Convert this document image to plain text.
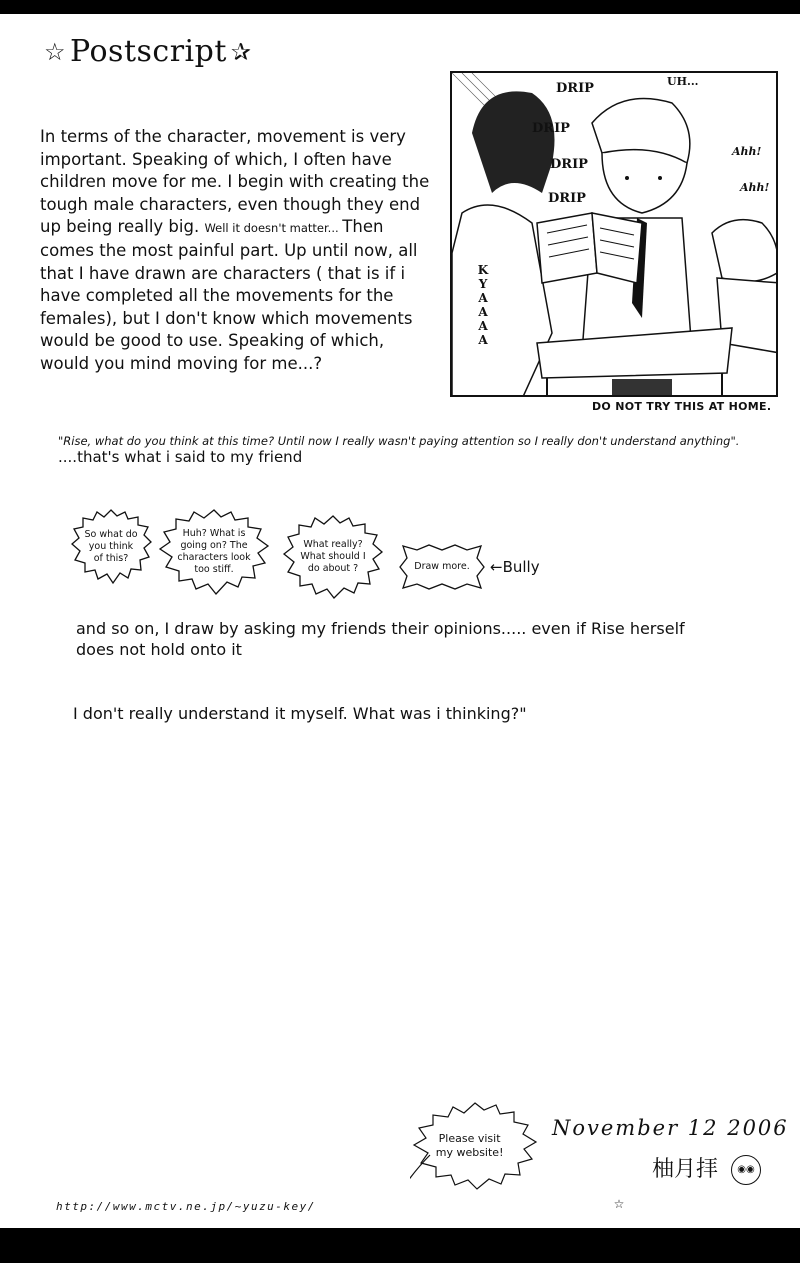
☆ Postscript ✰
In terms of the character, movement is very important. Speaking of which, I often have children move for me. I begin with creating the tough male characters, even though they end up being really big. Well it doesn't matter... Then comes the most painful part. Up until now, all that I have drawn are characters ( that is if i have completed all the movements for the females), but I don't know which movements would be good to use. Speaking of which, would you mind moving for me...?
DRIP
DRIP
DRIP
DRIP
UH...
Ahh!
Ahh!
KYAAAA
DO NOT TRY THIS AT HOME.
"Rise, what do you think at this time? Until now I really wasn't paying attention so I really don't understand anything".
....that's what i said to my friend
So what do you think of this?
Huh? What is going on? The characters look too stiff.
What really? What should I do about ?	Draw more. ←Bully
and so on, I draw by asking my friends their opinions..... even if Rise herself does not hold onto it
I don't really understand it myself. What was i thinking?"
Please visit my website!
☆
November 12 2006
柚月拝 ◉◉
http://www.mctv.ne.jp/~yuzu-key/
